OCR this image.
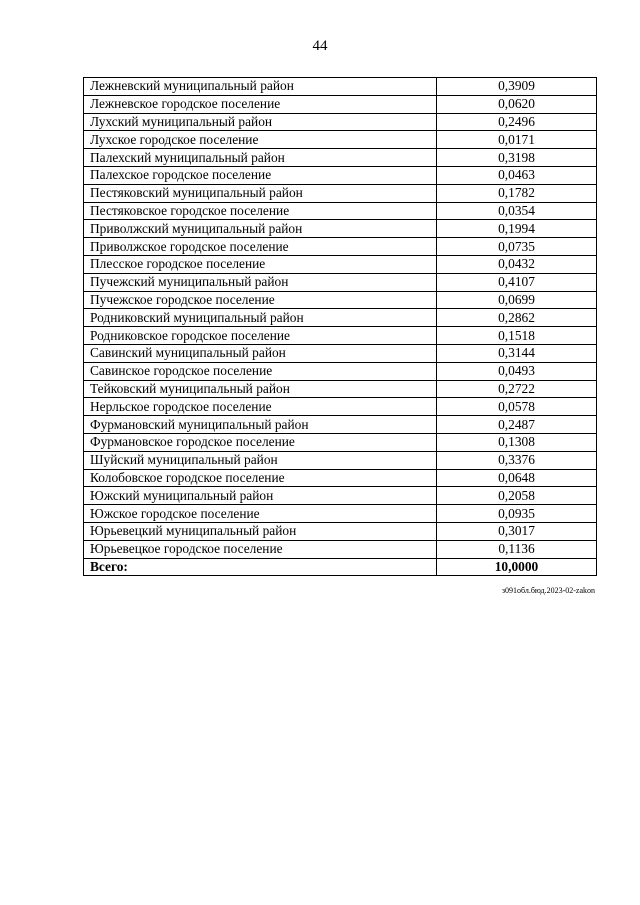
44
Лежневский муниципальный район	0,3909
Лежневское городское поселение	0,0620
Лухский муниципальный район	0,2496
Лухское городское поселение	0,0171
Палехский муниципальный район	0,3198
Палехское городское поселение	0,0463
Пестяковский муниципальный район	0,1782
Пестяковское городское поселение	0,0354
Приволжский муниципальный район	0,1994
Приволжское городское поселение	0,0735
Плесское городское поселение	0,0432
Пучежский муниципальный район	0,4107
Пучежское городское поселение	0,0699
Родниковский муниципальный район	0,2862
Родниковское городское поселение	0,1518
Савинский муниципальный район	0,3144
Савинское городское поселение	0,0493
Тейковский муниципальный район	0,2722
Нерльское городское поселение	0,0578
Фурмановский муниципальный район	0,2487
Фурмановское городское поселение	0,1308
Шуйский муниципальный район	0,3376
Колобовское городское поселение	0,0648
Южский муниципальный район	0,2058
Южское городское поселение	0,0935
Юрьевецкий муниципальный район	0,3017
Юрьевецкое городское поселение	0,1136
Всего:	10,0000
з091обл.бюд.2023-02-zakon
